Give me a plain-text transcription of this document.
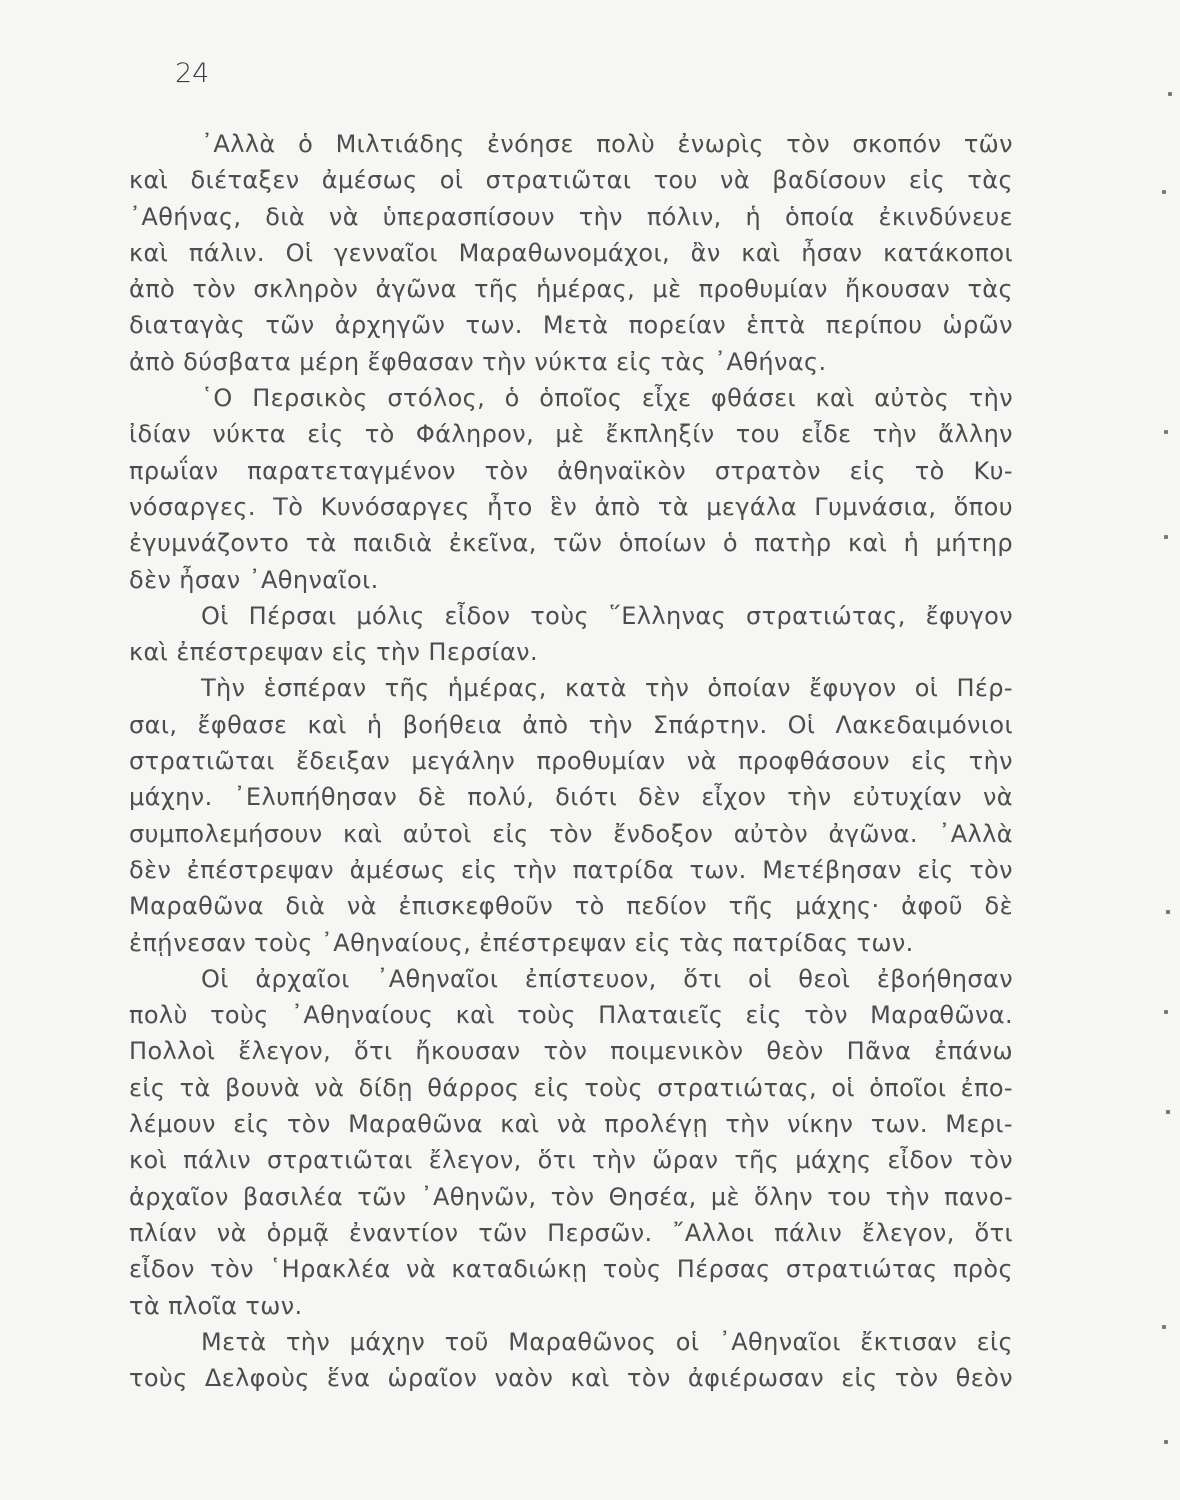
24
᾿Αλλὰ ὁ Μιλτιάδης ἐνόησε πολὺ ἐνωρὶς τὸν σκοπόν τῶν
καὶ διέταξεν ἀμέσως οἱ στρατιῶται του νὰ βαδίσουν εἰς τὰς
᾿Αθήνας, διὰ νὰ ὑπερασπίσουν τὴν πόλιν, ἡ ὁποία ἐκινδύνευε
καὶ πάλιν. Οἱ γενναῖοι Μαραθωνομάχοι, ἂν καὶ ἦσαν κατάκοποι
ἀπὸ τὸν σκληρὸν ἀγῶνα τῆς ἡμέρας, μὲ προθυμίαν ἤκουσαν τὰς
διαταγὰς τῶν ἀρχηγῶν των. Μετὰ πορείαν ἑπτὰ περίπου ὡρῶν
ἀπὸ δύσβατα μέρη ἔφθασαν τὴν νύκτα εἰς τὰς ᾿Αθήνας.
῾Ο Περσικὸς στόλος, ὁ ὁποῖος εἶχε φθάσει καὶ αὐτὸς τὴν
ἰδίαν νύκτα εἰς τὸ Φάληρον, μὲ ἔκπληξίν του εἶδε τὴν ἄλλην
πρωΐαν παρατεταγμένον τὸν ἀθηναϊκὸν στρατὸν εἰς τὸ Κυ-
νόσαργες. Τὸ Κυνόσαργες ἦτο ἓν ἀπὸ τὰ μεγάλα Γυμνάσια, ὅπου
ἐγυμνάζοντο τὰ παιδιὰ ἐκεῖνα, τῶν ὁποίων ὁ πατὴρ καὶ ἡ μήτηρ
δὲν ἦσαν ᾿Αθηναῖοι.
Οἱ Πέρσαι μόλις εἶδον τοὺς ῞Ελληνας στρατιώτας, ἔφυγον
καὶ ἐπέστρεψαν εἰς τὴν Περσίαν.
Τὴν ἑσπέραν τῆς ἡμέρας, κατὰ τὴν ὁποίαν ἔφυγον οἱ Πέρ-
σαι, ἔφθασε καὶ ἡ βοήθεια ἀπὸ τὴν Σπάρτην. Οἱ Λακεδαιμόνιοι
στρατιῶται ἔδειξαν μεγάλην προθυμίαν νὰ προφθάσουν εἰς τὴν
μάχην. ᾿Ελυπήθησαν δὲ πολύ, διότι δὲν εἶχον τὴν εὐτυχίαν νὰ
συμπολεμήσουν καὶ αὐτοὶ εἰς τὸν ἔνδοξον αὐτὸν ἀγῶνα. ᾿Αλλὰ
δὲν ἐπέστρεψαν ἀμέσως εἰς τὴν πατρίδα των. Μετέβησαν εἰς τὸν
Μαραθῶνα διὰ νὰ ἐπισκεφθοῦν τὸ πεδίον τῆς μάχης· ἀφοῦ δὲ
ἐπῄνεσαν τοὺς ᾿Αθηναίους, ἐπέστρεψαν εἰς τὰς πατρίδας των.
Οἱ ἀρχαῖοι ᾿Αθηναῖοι ἐπίστευον, ὅτι οἱ θεοὶ ἐβοήθησαν
πολὺ τοὺς ᾿Αθηναίους καὶ τοὺς Πλαταιεῖς εἰς τὸν Μαραθῶνα.
Πολλοὶ ἔλεγον, ὅτι ἤκουσαν τὸν ποιμενικὸν θεὸν Πᾶνα ἐπάνω
εἰς τὰ βουνὰ νὰ δίδῃ θάρρος εἰς τοὺς στρατιώτας, οἱ ὁποῖοι ἐπο-
λέμουν εἰς τὸν Μαραθῶνα καὶ νὰ προλέγῃ τὴν νίκην των. Μερι-
κοὶ πάλιν στρατιῶται ἔλεγον, ὅτι τὴν ὥραν τῆς μάχης εἶδον τὸν
ἀρχαῖον βασιλέα τῶν ᾿Αθηνῶν, τὸν Θησέα, μὲ ὅλην του τὴν πανο-
πλίαν νὰ ὁρμᾷ ἐναντίον τῶν Περσῶν. ῎Αλλοι πάλιν ἔλεγον, ὅτι
εἶδον τὸν ῾Ηρακλέα νὰ καταδιώκῃ τοὺς Πέρσας στρατιώτας πρὸς
τὰ πλοῖα των.
Μετὰ τὴν μάχην τοῦ Μαραθῶνος οἱ ᾿Αθηναῖοι ἔκτισαν εἰς
τοὺς Δελφοὺς ἕνα ὡραῖον ναὸν καὶ τὸν ἀφιέρωσαν εἰς τὸν θεὸν
